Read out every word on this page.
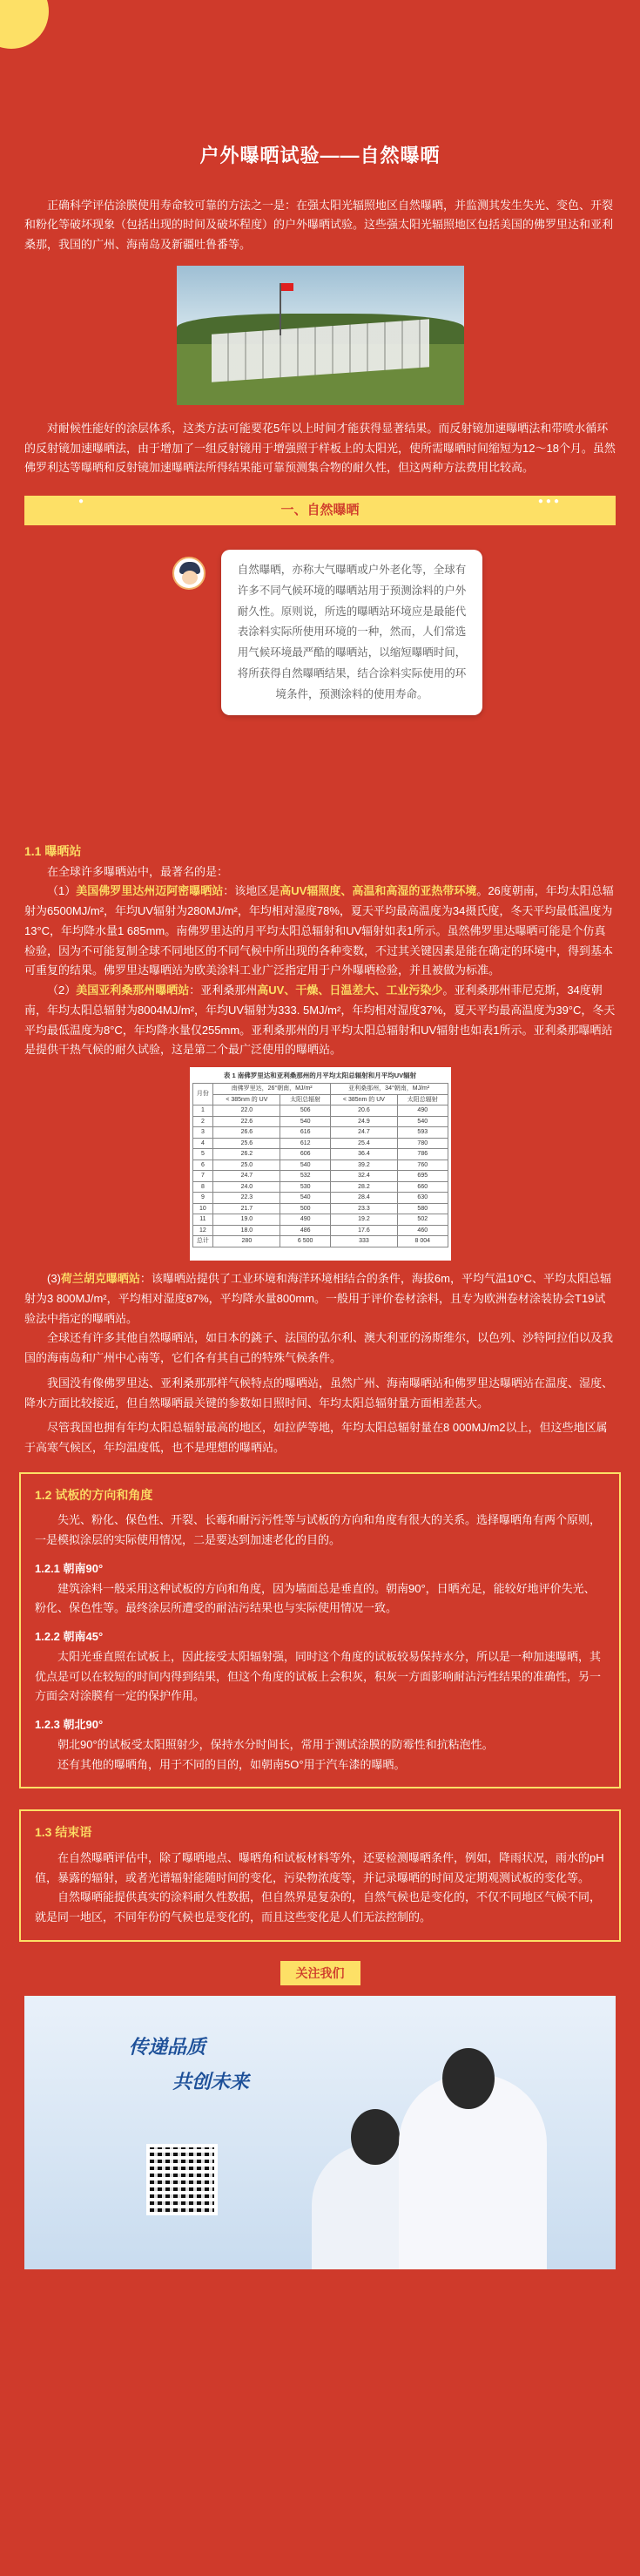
户外曝晒试验——自然曝晒

正确科学评估涂膜使用寿命较可靠的方法之一是：在强太阳光辐照地区自然曝晒，并监测其发生失光、变色、开裂和粉化等破坏现象（包括出现的时间及破坏程度）的户外曝晒试验。这些强太阳光辐照地区包括美国的佛罗里达和亚利桑那，我国的广州、海南岛及新疆吐鲁番等。

对耐候性能好的涂层体系，这类方法可能要花5年以上时间才能获得显著结果。而反射镜加速曝晒法和带喷水循环的反射镜加速曝晒法，由于增加了一组反射镜用于增强照于样板上的太阳光，使所需曝晒时间缩短为12～18个月。虽然佛罗利达等曝晒和反射镜加速曝晒法所得结果能可靠预测集合物的耐久性，但这两种方法费用比较高。

一、自然曝晒
●	●●●
自然曝晒，亦称大气曝晒或户外老化等，全球有许多不同气候环境的曝晒站用于预测涂料的户外耐久性。原则说，所选的曝晒站环境应是最能代表涂料实际所使用环境的一种，然而，人们常选用气候环境最严酷的曝晒站，以缩短曝晒时间，将所获得自然曝晒结果，结合涂料实际使用的环境条件，预测涂料的使用寿命。
1.1 曝晒站

在全球许多曝晒站中，最著名的是：

（1）美国佛罗里达州迈阿密曝晒站：该地区是高UV辐照度、高温和高湿的亚热带环境。26度朝南，年均太阳总辐射为6500MJ/m²，年均UV辐射为280MJ/m²，年均相对湿度78%，夏天平均最高温度为34摄氏度，冬天平均最低温度为13°C，年均降水量1 685mm。南佛罗里达的月平均太阳总辐射和UV辐射如表1所示。虽然佛罗里达曝晒可能是个仿真检验，因为不可能复制全球不同地区的不同气候中所出现的各种变数，不过其关键因素是能在确定的环境中，得到基本可重复的结果。佛罗里达曝晒站为欧美涂料工业广泛指定用于户外曝晒检验，并且被做为标准。

（2）美国亚利桑那州曝晒站：亚利桑那州高UV、干燥、日温差大、工业污染少。亚利桑那州菲尼克斯，34度朝南，年均太阳总辐射为8004MJ/m²，年均UV辐射为333. 5MJ/m²，年均相对湿度37%，夏天平均最高温度为39°C，冬天平均最低温度为8°C，年均降水量仅255mm。亚利桑那州的月平均太阳总辐射和UV辐射也如表1所示。亚利桑那曝晒站是提供干热气候的耐久试验，这是第二个最广泛使用的曝晒站。

表 1 南佛罗里达和亚利桑那州的月平均太阳总辐射和月平均UV辐射
月份	南佛罗里达，26°朝南，MJ/m²		亚利桑那州，34°朝南，MJ/m²	
	< 385nm 的 UV	太阳总辐射	< 385nm 的 UV	太阳总辐射
1	22.0	506	20.6	490
2	22.6	540	24.9	540
3	26.6	616	24.7	593
4	25.6	612	25.4	780
5	26.2	606	36.4	786
6	25.0	540	39.2	760
7	24.7	532	32.4	695
8	24.0	530	28.2	660
9	22.3	540	28.4	630
10	21.7	500	23.3	580
11	19.0	490	19.2	502
12	18.0	486	17.6	460
总计	280	6 500	333	8 004

(3)荷兰胡克曝晒站：该曝晒站提供了工业环境和海洋环境相结合的条件，海拔6m，平均气温10°C、平均太阳总辐射为3 800MJ/m²，平均相对湿度87%，平均降水量800mm。一般用于评价卷材涂料，且专为欧洲卷材涂装协会T19试验法中指定的曝晒站。

全球还有许多其他自然曝晒站，如日本的銚子、法国的弘尔利、澳大利亚的汤斯维尔，以色列、沙特阿拉伯以及我国的海南岛和广州中心南等，它们各有其自己的特殊气候条件。

我国没有像佛罗里达、亚利桑那那样气候特点的曝晒站，虽然广州、海南曝晒站和佛罗里达曝晒站在温度、湿度、降水方面比较接近，但自然曝晒最关键的参数如日照时间、年均太阳总辐射量方面相差甚大。

尽管我国也拥有年均太阳总辐射最高的地区，如拉萨等地，年均太阳总辐射量在8 000MJ/m2以上，但这些地区属于高寒气候区，年均温度低，也不是理想的曝晒站。

1.2 试板的方向和角度

失光、粉化、保色性、开裂、长霉和耐污污性等与试板的方向和角度有很大的关系。选择曝晒角有两个原则，一是模拟涂层的实际使用情况，二是要达到加速老化的目的。

1.2.1 朝南90°

建筑涂料一般采用这种试板的方向和角度，因为墙面总是垂直的。朝南90°，日晒充足，能较好地评价失光、粉化、保色性等。最终涂层所遭受的耐沾污结果也与实际使用情况一致。

1.2.2 朝南45°

太阳光垂直照在试板上，因此接受太阳辐射强，同时这个角度的试板较易保持水分，所以是一种加速曝晒，其优点是可以在较短的时间内得到结果，但这个角度的试板上会积灰，积灰一方面影响耐沾污性结果的准确性，另一方面会对涂膜有一定的保护作用。

1.2.3 朝北90°

朝北90°的试板受太阳照射少，保持水分时间长，常用于测试涂膜的防霉性和抗粘泡性。

还有其他的曝晒角，用于不同的目的，如朝南5O°用于汽车漆的曝晒。

1.3 结束语

在自然曝晒评估中，除了曝晒地点、曝晒角和试板材料等外，还要检测曝晒条件，例如，降雨状况，雨水的pH值，暴露的辐射，或者光谱辐射能随时间的变化，污染物浓度等，并记录曝晒的时间及定期观测试板的变化等。

自然曝晒能提供真实的涂料耐久性数据，但自然界是复杂的，自然气候也是变化的，不仅不同地区气候不同，就是同一地区，不同年份的气候也是变化的，而且这些变化是人们无法控制的。

关注我们
传递品质
共创未来
